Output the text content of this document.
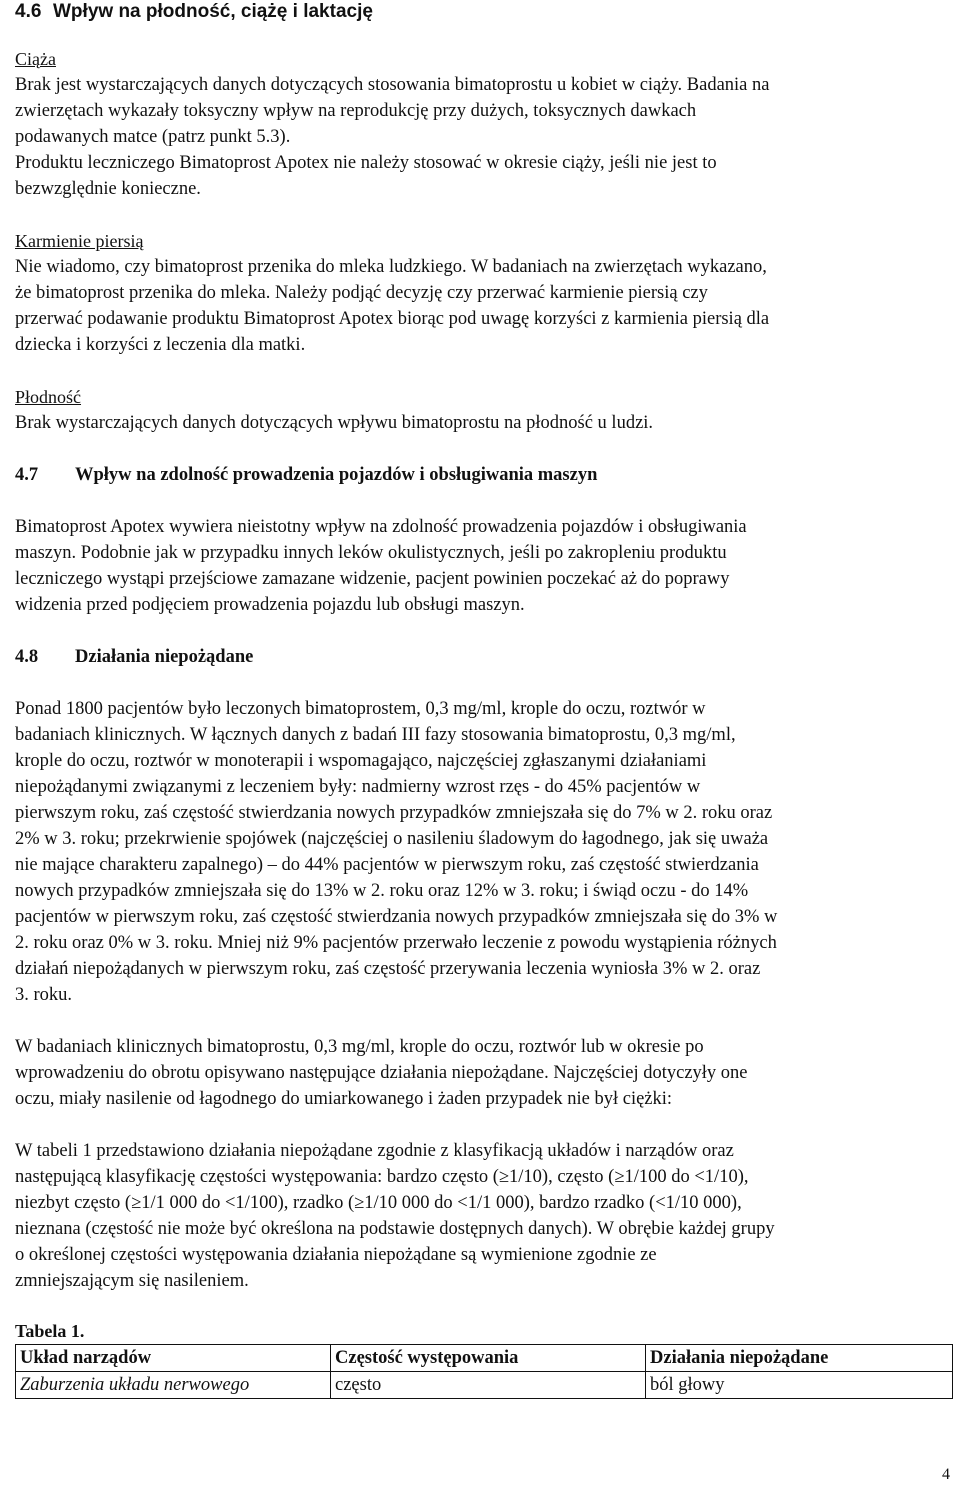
4.6 Wpływ na płodność, ciążę i laktację

Ciąża

Brak jest wystarczających danych dotyczących stosowania bimatoprostu u kobiet w ciąży. Badania na

zwierzętach wykazały toksyczny wpływ na reprodukcję przy dużych, toksycznych dawkach

podawanych matce (patrz punkt 5.3).

Produktu leczniczego Bimatoprost Apotex nie należy stosować w okresie ciąży, jeśli nie jest to

bezwzględnie konieczne.

Karmienie piersią

Nie wiadomo, czy bimatoprost przenika do mleka ludzkiego. W badaniach na zwierzętach wykazano,

że bimatoprost przenika do mleka. Należy podjąć decyzję czy przerwać karmienie piersią czy

przerwać podawanie produktu Bimatoprost Apotex biorąc pod uwagę korzyści z karmienia piersią dla

dziecka i korzyści z leczenia dla matki.

Płodność

Brak wystarczających danych dotyczących wpływu bimatoprostu na płodność u ludzi.

4.7 Wpływ na zdolność prowadzenia pojazdów i obsługiwania maszyn

Bimatoprost Apotex wywiera nieistotny wpływ na zdolność prowadzenia pojazdów i obsługiwania

maszyn. Podobnie jak w przypadku innych leków okulistycznych, jeśli po zakropleniu produktu

leczniczego wystąpi przejściowe zamazane widzenie, pacjent powinien poczekać aż do poprawy

widzenia przed podjęciem prowadzenia pojazdu lub obsługi maszyn.

4.8 Działania niepożądane

Ponad 1800 pacjentów było leczonych bimatoprostem, 0,3 mg/ml, krople do oczu, roztwór w

badaniach klinicznych. W łącznych danych z badań III fazy stosowania bimatoprostu, 0,3 mg/ml,

krople do oczu, roztwór w monoterapii i wspomagająco, najczęściej zgłaszanymi działaniami

niepożądanymi związanymi z leczeniem były: nadmierny wzrost rzęs - do 45% pacjentów w

pierwszym roku, zaś częstość stwierdzania nowych przypadków zmniejszała się do 7% w 2. roku oraz

2% w 3. roku; przekrwienie spojówek (najczęściej o nasileniu śladowym do łagodnego, jak się uważa

nie mające charakteru zapalnego) – do 44% pacjentów w pierwszym roku, zaś częstość stwierdzania

nowych przypadków zmniejszała się do 13% w 2. roku oraz 12% w 3. roku; i świąd oczu - do 14%

pacjentów w pierwszym roku, zaś częstość stwierdzania nowych przypadków zmniejszała się do 3% w

2. roku oraz 0% w 3. roku. Mniej niż 9% pacjentów przerwało leczenie z powodu wystąpienia różnych

działań niepożądanych w pierwszym roku, zaś częstość przerywania leczenia wyniosła 3% w 2. oraz

3. roku.

W badaniach klinicznych bimatoprostu, 0,3 mg/ml, krople do oczu, roztwór lub w okresie po

wprowadzeniu do obrotu opisywano następujące działania niepożądane. Najczęściej dotyczyły one

oczu, miały nasilenie od łagodnego do umiarkowanego i żaden przypadek nie był ciężki:

W tabeli 1 przedstawiono działania niepożądane zgodnie z klasyfikacją układów i narządów oraz

następującą klasyfikację częstości występowania: bardzo często (≥1/10), często (≥1/100 do <1/10),

niezbyt często (≥1/1 000 do <1/100), rzadko (≥1/10 000 do <1/1 000), bardzo rzadko (<1/10 000),

nieznana (częstość nie może być określona na podstawie dostępnych danych). W obrębie każdej grupy

o określonej częstości występowania działania niepożądane są wymienione zgodnie ze

zmniejszającym się nasileniem.

Tabela 1.

Układ narządów	Częstość występowania	Działania niepożądane
Zaburzenia układu nerwowego	często	ból głowy
4
